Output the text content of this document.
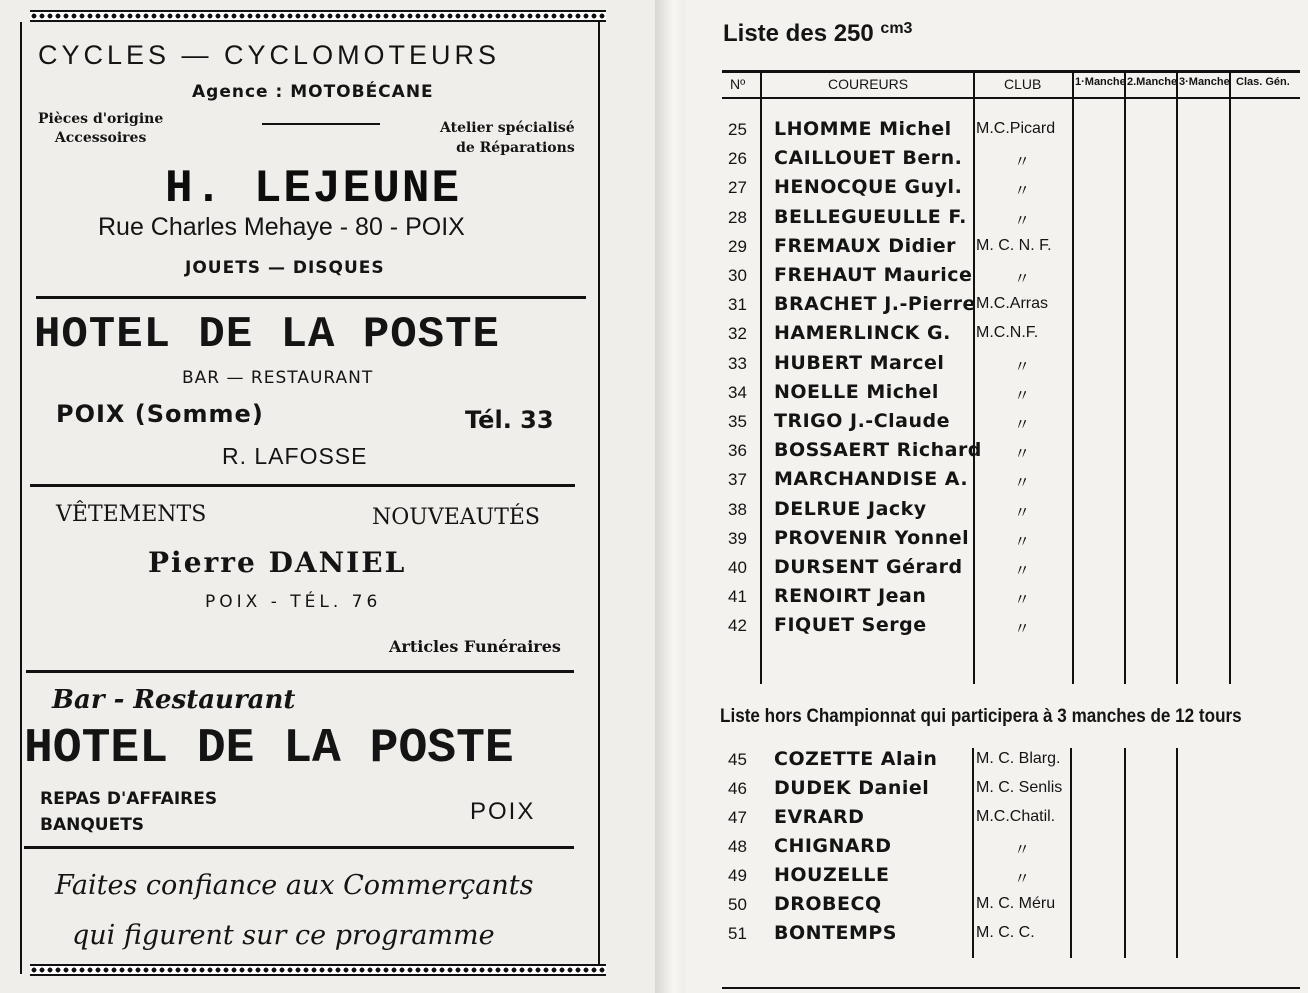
CYCLES — CYCLOMOTEURS
Agence : MOTOBÉCANE
Pièces d'origine
Accessoires
Atelier spécialisé
de Réparations
H. LEJEUNE
Rue Charles Mehaye - 80 - POIX
JOUETS — DISQUES
HOTEL DE LA POSTE
BAR — RESTAURANT
POIX (Somme)	Tél. 33
R. LAFOSSE
VÊTEMENTS	NOUVEAUTÉS
Pierre DANIEL
POIX - TÉL. 76
Articles Funéraires
Bar - Restaurant
HOTEL DE LA POSTE
REPAS D'AFFAIRES
BANQUETS	POIX
Faites confiance aux Commerçants
qui figurent sur ce programme
Liste des 250 $^{cm3}$
Nº	COUREURS	CLUB	1·Manche 2.Manche 3·Manche Clas. Gén.
25	LHOMME Michel M.C.Picard
26	CAILLOUET Bern.	〃
27	HENOCQUE Guyl.	〃
28	BELLEGUEULLE F.	〃
29	FREMAUX Didier M. C. N. F.
30	FREHAUT Maurice	〃
31	BRACHET J.-Pierre M.C.Arras
32	HAMERLINCK G. M.C.N.F.
33	HUBERT Marcel	〃
34	NOELLE Michel	〃
35	TRIGO J.-Claude	〃
36	BOSSAERT Richard 〃
37	MARCHANDISE A.	〃
38	DELRUE Jacky	〃
39	PROVENIR Yonnel	〃
40	DURSENT Gérard	〃
41	RENOIRT Jean	〃
42	FIQUET Serge	〃
Liste hors Championnat qui participera à 3 manches de 12 tours
45	COZETTE Alain M. C. Blarg.
46	DUDEK Daniel	M. C. Senlis
47	EVRARD	M.C.Chatil.
48	CHIGNARD	〃
49	HOUZELLE	〃
50	DROBECQ	M. C. Méru
51	BONTEMPS	M. C. C.
